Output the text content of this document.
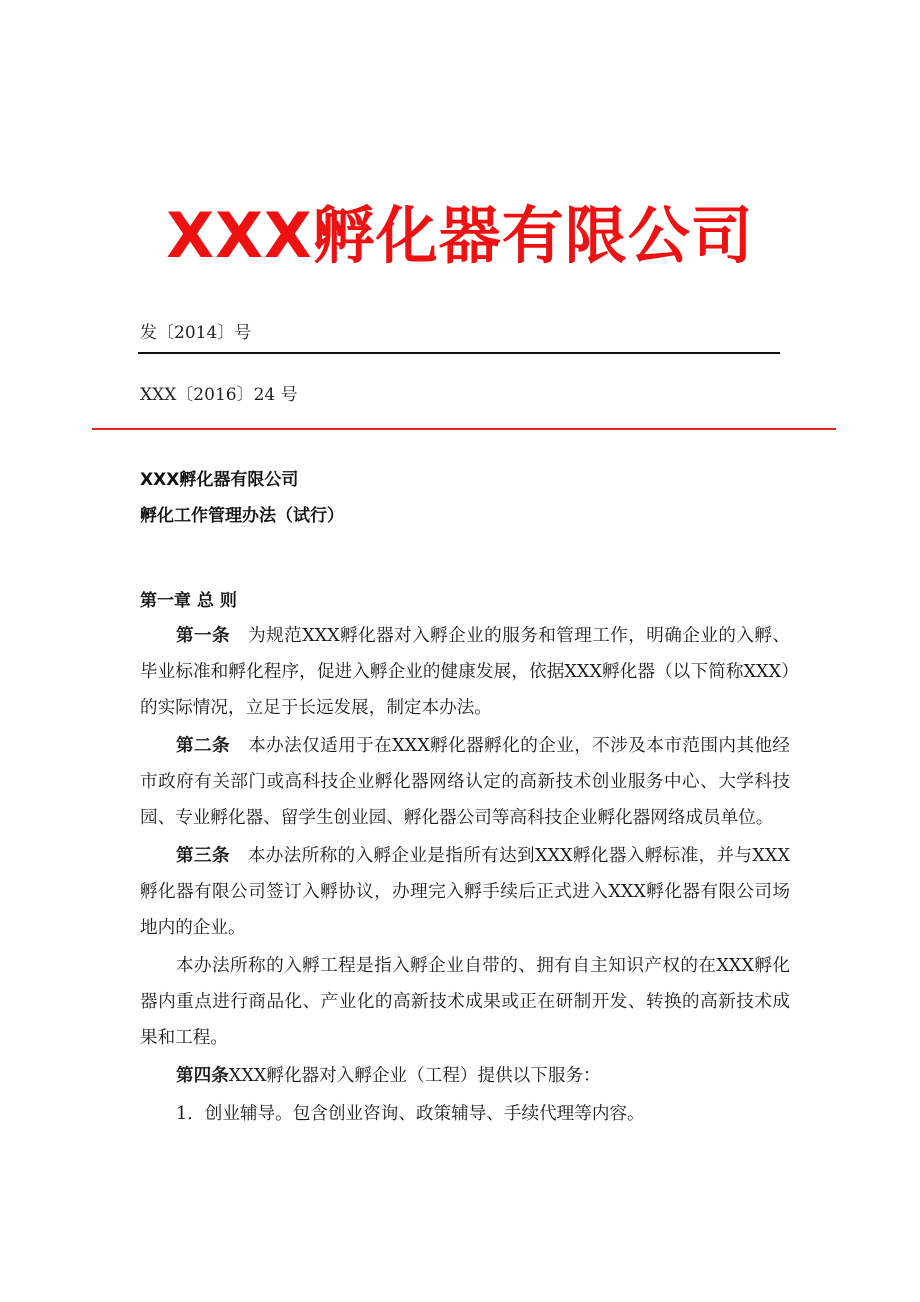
XXX孵化器有限公司
发〔2014〕号
XXX〔2016〕24 号
XXX孵化器有限公司
孵化工作管理办法（试行）
第一章 总 则

第一条　 为规范XXX孵化器对入孵企业的服务和管理工作，明确企业的入孵、毕业标准和孵化程序，促进入孵企业的健康发展，依据XXX孵化器（以下简称XXX）的实际情况，立足于长远发展，制定本办法。

第二条　 本办法仅适用于在XXX孵化器孵化的企业，不涉及本市范围内其他经市政府有关部门或高科技企业孵化器网络认定的高新技术创业服务中心、大学科技园、专业孵化器、留学生创业园、孵化器公司等高科技企业孵化器网络成员单位。

第三条　 本办法所称的入孵企业是指所有达到XXX孵化器入孵标准，并与XXX孵化器有限公司签订入孵协议，办理完入孵手续后正式进入XXX孵化器有限公司场地内的企业。

本办法所称的入孵工程是指入孵企业自带的、拥有自主知识产权的在XXX孵化器内重点进行商品化、产业化的高新技术成果或正在研制开发、转换的高新技术成果和工程。

第四条XXX孵化器对入孵企业（工程）提供以下服务：

1．创业辅导。包含创业咨询、政策辅导、手续代理等内容。
